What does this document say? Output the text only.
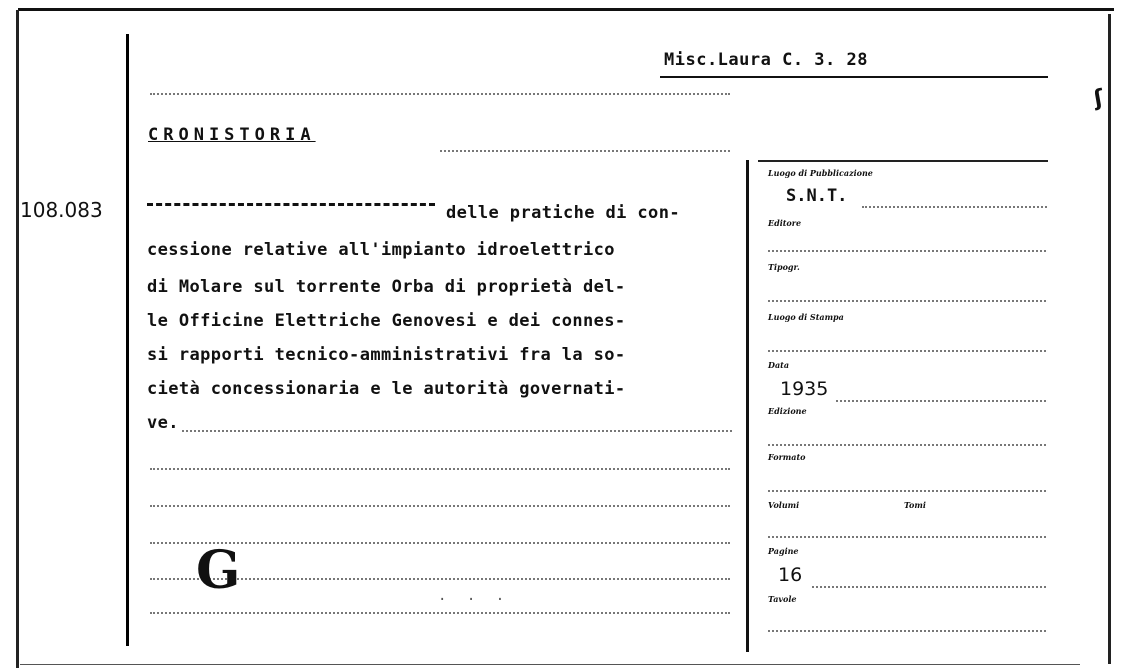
ʃ
Misc.Laura C. 3. 28
CRONISTORIA
108.083	delle pratiche di con-
cessione relative all'impianto idroelettrico
di Molare sul torrente Orba di proprietà del-
le Officine Elettriche Genovesi e dei connes-
si rapporti tecnico-amministrativi fra la so-
cietà concessionaria e le autorità governati-
ve.
G	· · ·
Luogo di Pubblicazione
S.N.T.
Editore
Tipogr.
Luogo di Stampa
Data
1935
Edizione
Formato
Volumi	Tomi
Pagine
16
Tavole
